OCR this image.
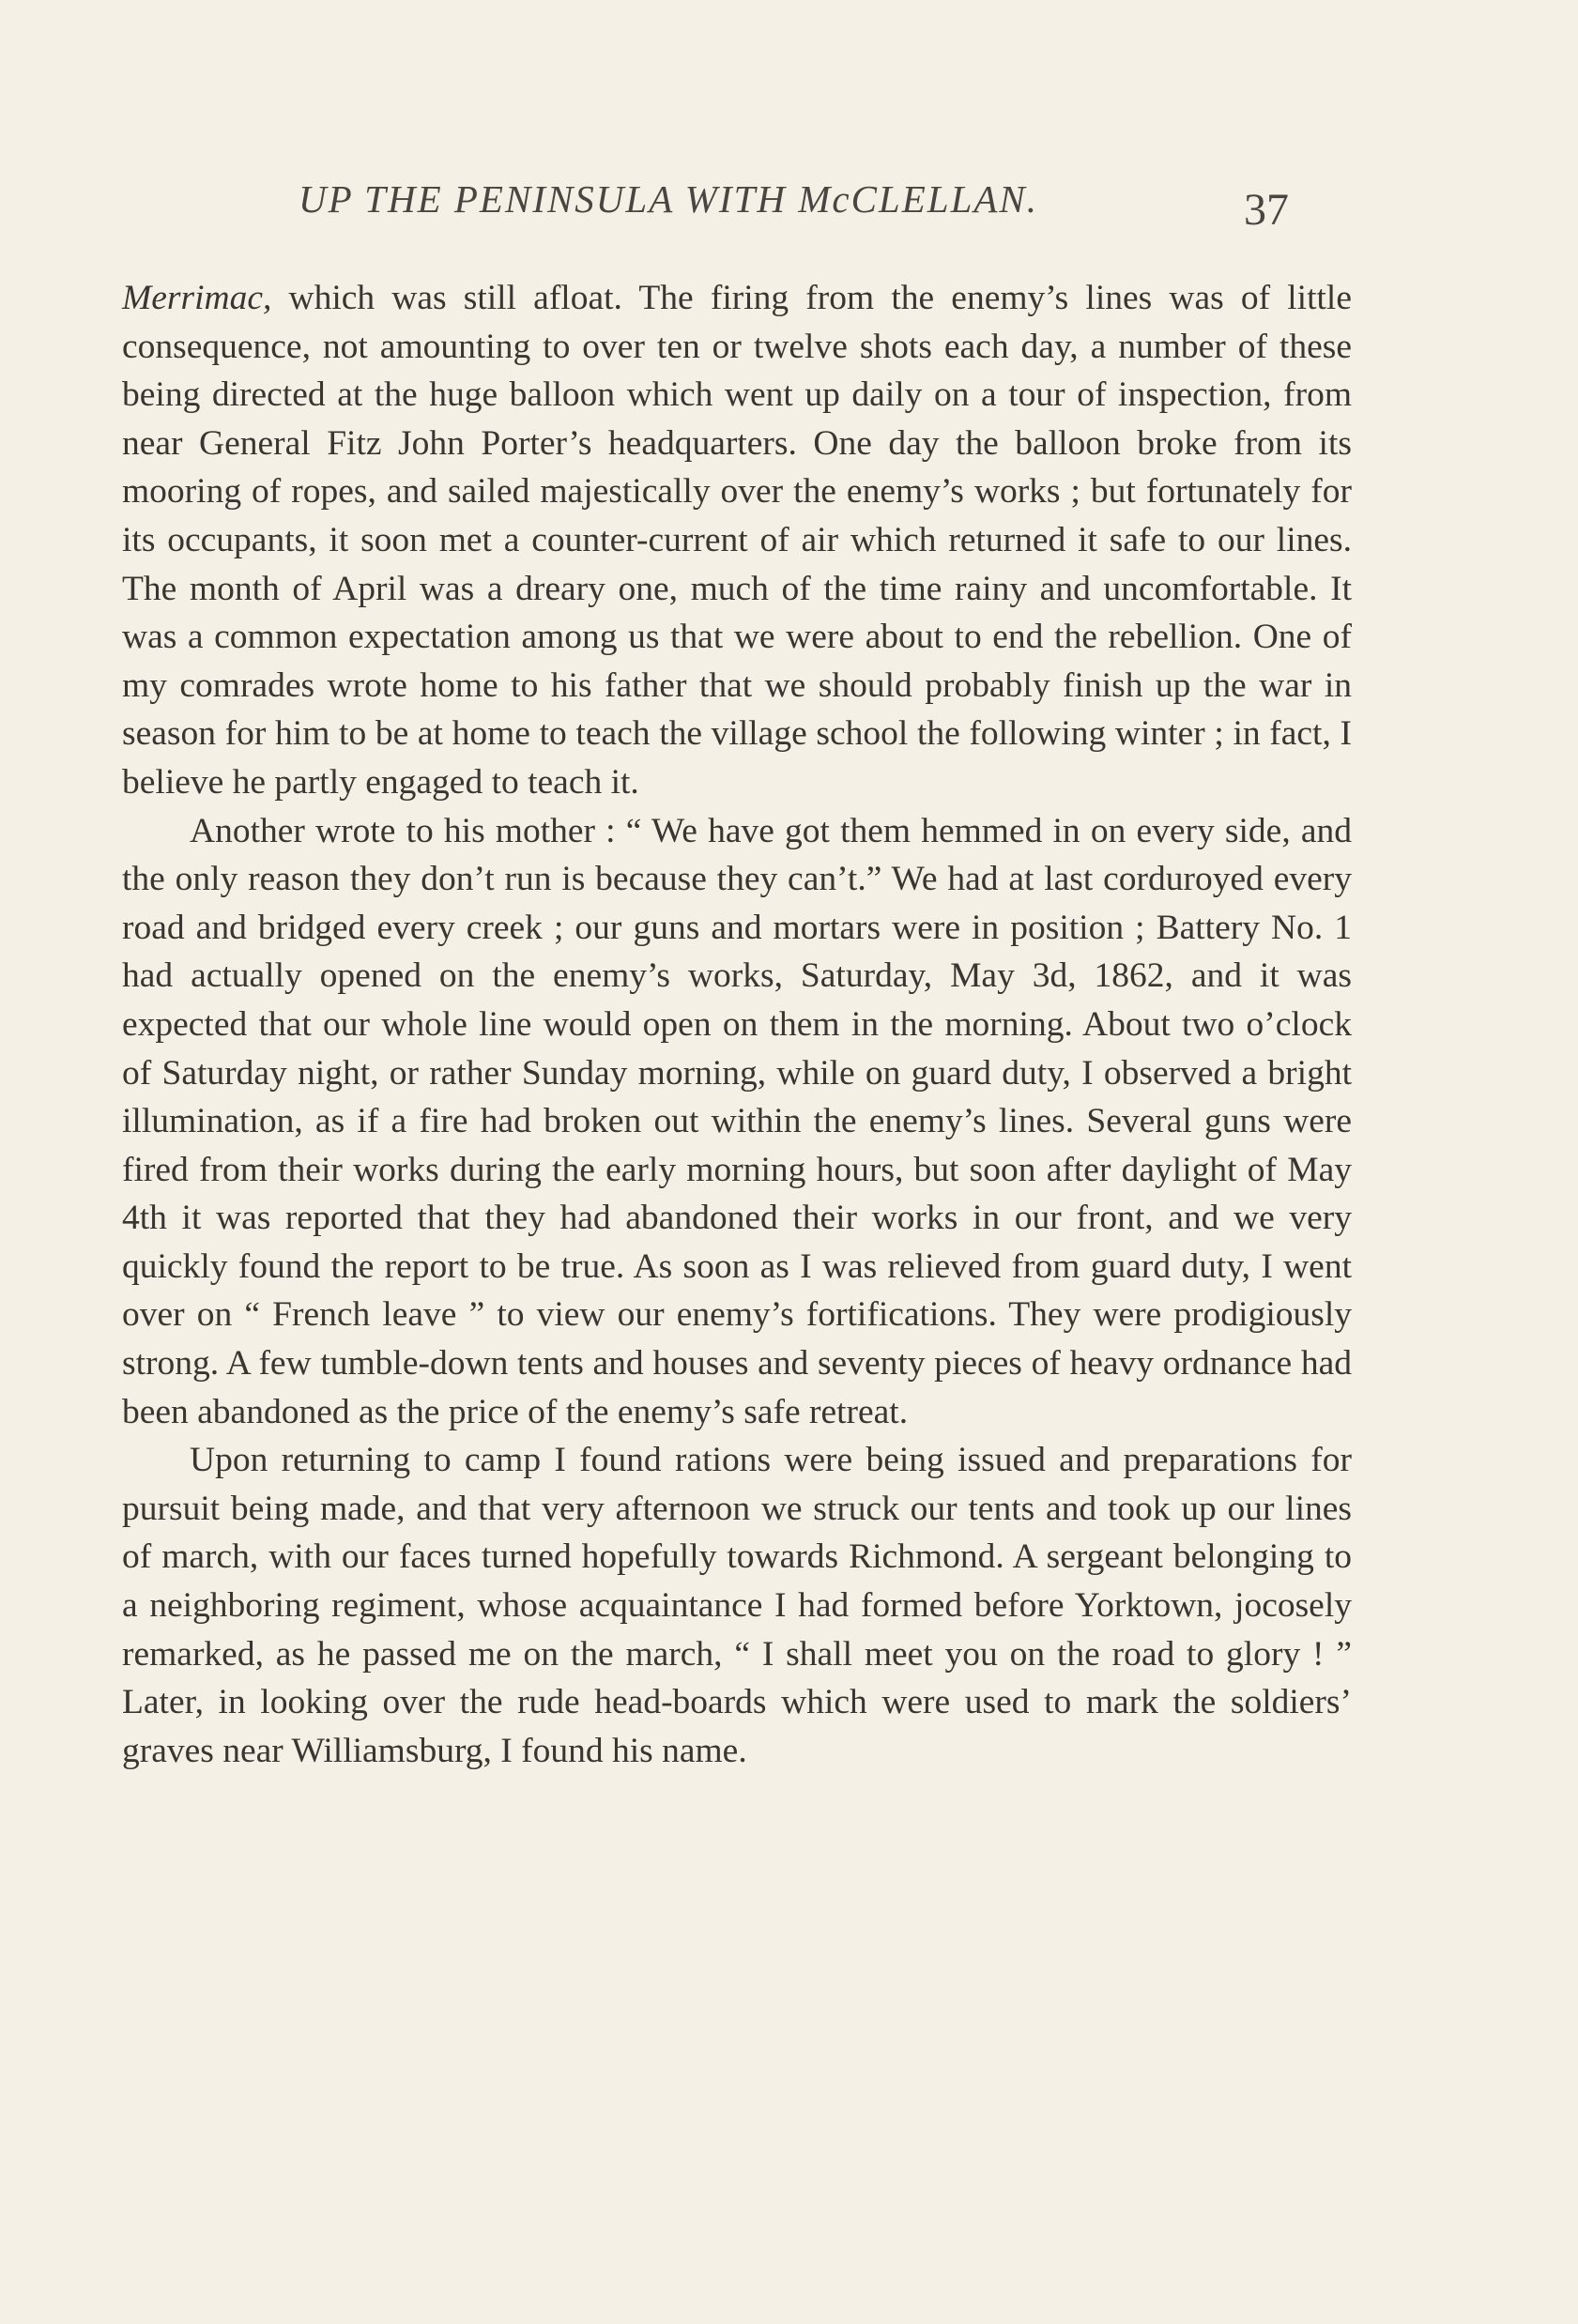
UP THE PENINSULA WITH McCLELLAN.	37

Merrimac, which was still afloat. The firing from the enemy’s lines was of little consequence, not amounting to over ten or twelve shots each day, a number of these being directed at the huge balloon which went up daily on a tour of inspection, from near General Fitz John Porter’s headquarters. One day the balloon broke from its mooring of ropes, and sailed majestically over the enemy’s works ; but fortunately for its occupants, it soon met a counter-current of air which returned it safe to our lines. The month of April was a dreary one, much of the time rainy and uncomfortable. It was a common expectation among us that we were about to end the rebellion. One of my comrades wrote home to his father that we should probably finish up the war in season for him to be at home to teach the village school the following winter ; in fact, I believe he partly engaged to teach it.

Another wrote to his mother : “ We have got them hemmed in on every side, and the only reason they don’t run is because they can’t.” We had at last corduroyed every road and bridged every creek ; our guns and mortars were in position ; Battery No. 1 had actually opened on the enemy’s works, Saturday, May 3d, 1862, and it was expected that our whole line would open on them in the morning. About two o’clock of Saturday night, or rather Sunday morning, while on guard duty, I observed a bright illumination, as if a fire had broken out within the enemy’s lines. Several guns were fired from their works during the early morning hours, but soon after daylight of May 4th it was reported that they had abandoned their works in our front, and we very quickly found the report to be true. As soon as I was relieved from guard duty, I went over on “ French leave ” to view our enemy’s fortifications. They were prodigiously strong. A few tumble-down tents and houses and seventy pieces of heavy ordnance had been abandoned as the price of the enemy’s safe retreat.

Upon returning to camp I found rations were being issued and preparations for pursuit being made, and that very afternoon we struck our tents and took up our lines of march, with our faces turned hopefully towards Richmond. A sergeant belonging to a neighboring regiment, whose acquaintance I had formed before Yorktown, jocosely remarked, as he passed me on the march, “ I shall meet you on the road to glory ! ” Later, in looking over the rude head-boards which were used to mark the soldiers’ graves near Williamsburg, I found his name.
